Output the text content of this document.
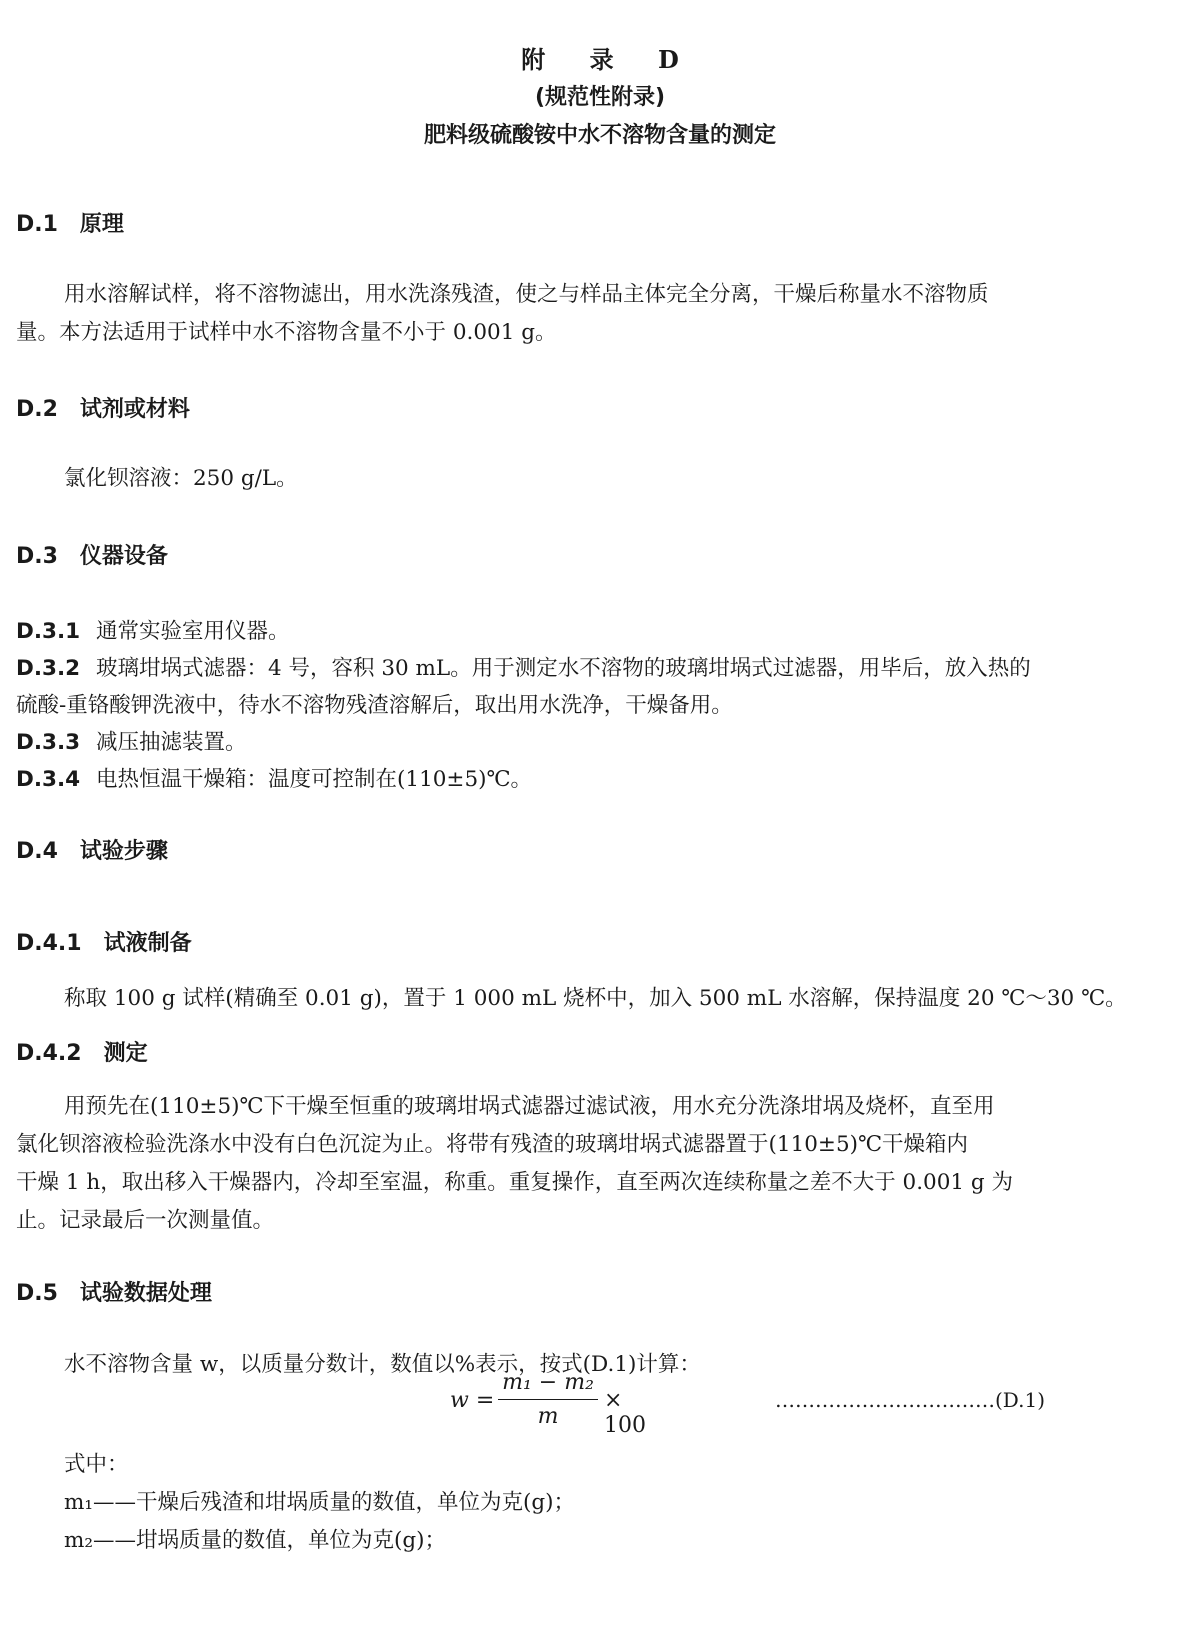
附 录 D
(规范性附录)
肥料级硫酸铵中水不溶物含量的测定
D.1　原理
用水溶解试样，将不溶物滤出，用水洗涤残渣，使之与样品主体完全分离，干燥后称量水不溶物质
量。本方法适用于试样中水不溶物含量不小于 0.001 g。
D.2　试剂或材料
氯化钡溶液：250 g/L。
D.3　仪器设备
D.3.1 通常实验室用仪器。
D.3.2 玻璃坩埚式滤器：4 号，容积 30 mL。用于测定水不溶物的玻璃坩埚式过滤器，用毕后，放入热的
硫酸-重铬酸钾洗液中，待水不溶物残渣溶解后，取出用水洗净，干燥备用。
D.3.3 减压抽滤装置。
D.3.4 电热恒温干燥箱：温度可控制在(110±5)℃。
D.4　试验步骤
D.4.1　试液制备
称取 100 g 试样(精确至 0.01 g)，置于 1 000 mL 烧杯中，加入 500 mL 水溶解，保持温度 20 ℃～30 ℃。
D.4.2　测定
用预先在(110±5)℃下干燥至恒重的玻璃坩埚式滤器过滤试液，用水充分洗涤坩埚及烧杯，直至用
氯化钡溶液检验洗涤水中没有白色沉淀为止。将带有残渣的玻璃坩埚式滤器置于(110±5)℃干燥箱内
干燥 1 h，取出移入干燥器内，冷却至室温，称重。重复操作，直至两次连续称量之差不大于 0.001 g 为
止。记录最后一次测量值。
D.5　试验数据处理
水不溶物含量 w，以质量分数计，数值以%表示，按式(D.1)计算：
$w = \frac{\text{m₁ − m₂}}{m} \times 100$
……………………………(D.1)
式中：
m₁——干燥后残渣和坩埚质量的数值，单位为克(g)；
m₂——坩埚质量的数值，单位为克(g)；
